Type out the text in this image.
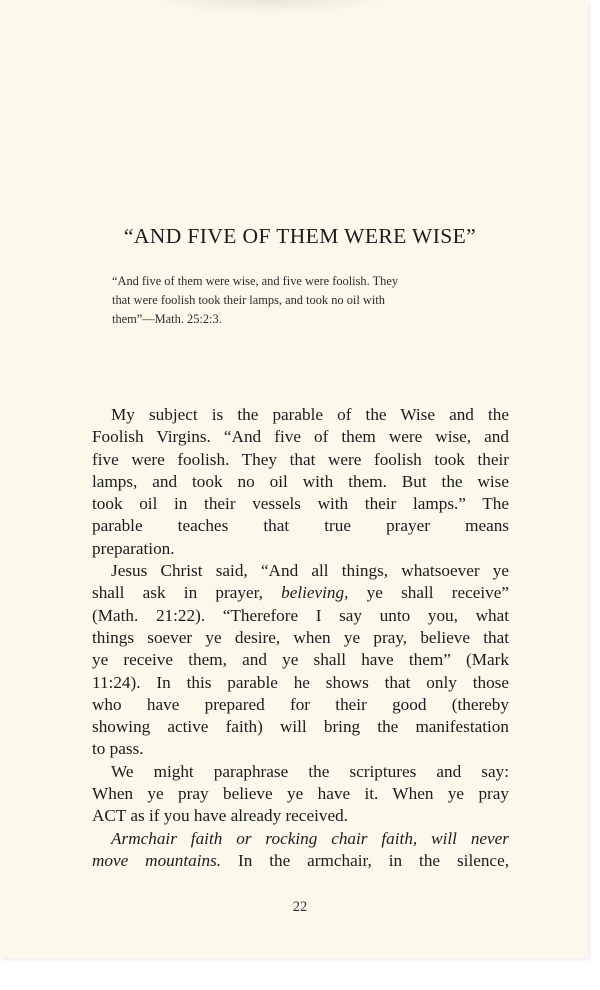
“AND FIVE OF THEM WERE WISE”
“And five of them were wise, and five were foolish. They
that were foolish took their lamps, and took no oil with
them”—Math. 25:2:3.
My subject is the parable of the Wise and the
Foolish Virgins. “And five of them were wise, and
five were foolish. They that were foolish took their
lamps, and took no oil with them. But the wise
took oil in their vessels with their lamps.” The
parable teaches that true prayer means
preparation.
Jesus Christ said, “And all things, whatsoever ye
shall ask in prayer, believing, ye shall receive”
(Math. 21:22). “Therefore I say unto you, what
things soever ye desire, when ye pray, believe that
ye receive them, and ye shall have them” (Mark
11:24). In this parable he shows that only those
who have prepared for their good (thereby
showing active faith) will bring the manifestation
to pass.
We might paraphrase the scriptures and say:
When ye pray believe ye have it. When ye pray
ACT as if you have already received.
Armchair faith or rocking chair faith, will never
move mountains. In the armchair, in the silence,
22
